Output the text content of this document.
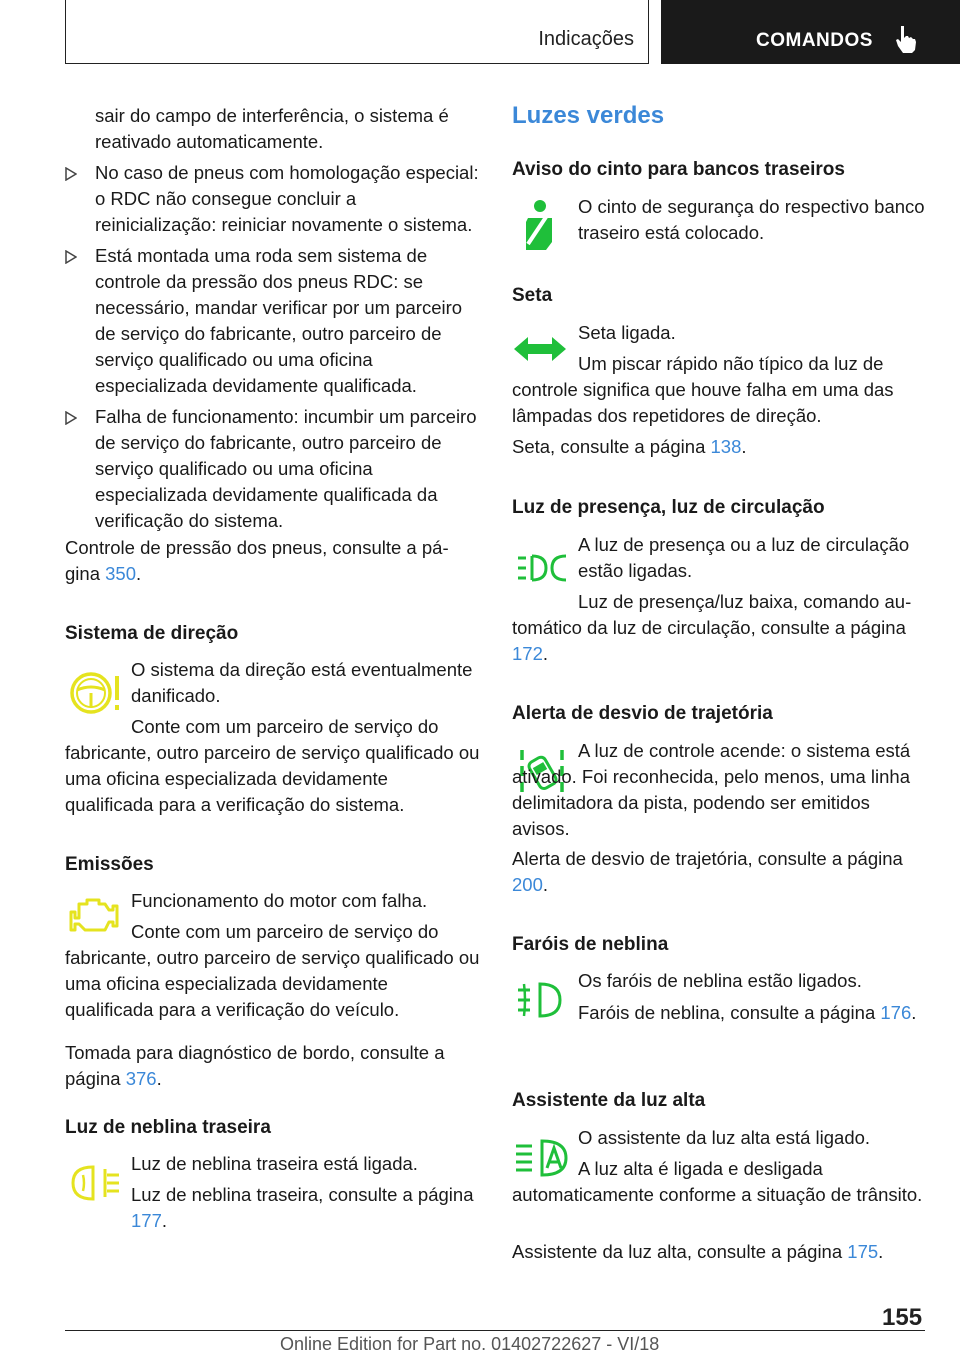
Indicações	COMANDOS

sair do campo de interferência, o sistema é reativado automaticamente.

No caso de pneus com homologação especial: o RDC não consegue concluir a reinicialização: reiniciar novamente o sistema.
Está montada uma roda sem sistema de controle da pressão dos pneus RDC: se necessário, mandar verificar por um parceiro de serviço do fabricante, outro parceiro de serviço qualificado ou uma oficina especializada devidamente qualificada.
Falha de funcionamento: incumbir um parceiro de serviço do fabricante, outro parceiro de serviço qualificado ou uma oficina especializada devidamente qualificada da verificação do sistema.

Controle de pressão dos pneus, consulte a página 350.

Sistema de direção

O sistema da direção está eventualmente danificado.

Conte com um parceiro de serviço do fabricante, outro parceiro de serviço qualificado ou uma oficina especializada devidamente qualificada para a verificação do sistema.

Emissões

Funcionamento do motor com falha.

Conte com um parceiro de serviço do fabricante, outro parceiro de serviço qualificado ou uma oficina especializada devidamente qualificada para a verificação do veículo.

Tomada para diagnóstico de bordo, consulte a página 376.

Luz de neblina traseira

Luz de neblina traseira está ligada.

Luz de neblina traseira, consulte a página 177.

Luzes verdes
Aviso do cinto para bancos traseiros

O cinto de segurança do respectivo banco traseiro está colocado.

Seta

Seta ligada.

Um piscar rápido não típico da luz de controle significa que houve falha em uma das lâmpadas dos repetidores de direção.

Seta, consulte a página 138.

Luz de presença, luz de circulação

A luz de presença ou a luz de circulação estão ligadas.

Luz de presença/luz baixa, comando automático da luz de circulação, consulte a página 172.

Alerta de desvio de trajetória

A luz de controle acende: o sistema está ativado. Foi reconhecida, pelo menos, uma linha delimitadora da pista, podendo ser emitidos avisos.

Alerta de desvio de trajetória, consulte a página 200.

Faróis de neblina

Os faróis de neblina estão ligados.

Faróis de neblina, consulte a página 176.

Assistente da luz alta

O assistente da luz alta está ligado.

A luz alta é ligada e desligada automaticamente conforme a situação de trânsito.

Assistente da luz alta, consulte a página 175.

155
Online Edition for Part no. 01402722627 - VI/18
